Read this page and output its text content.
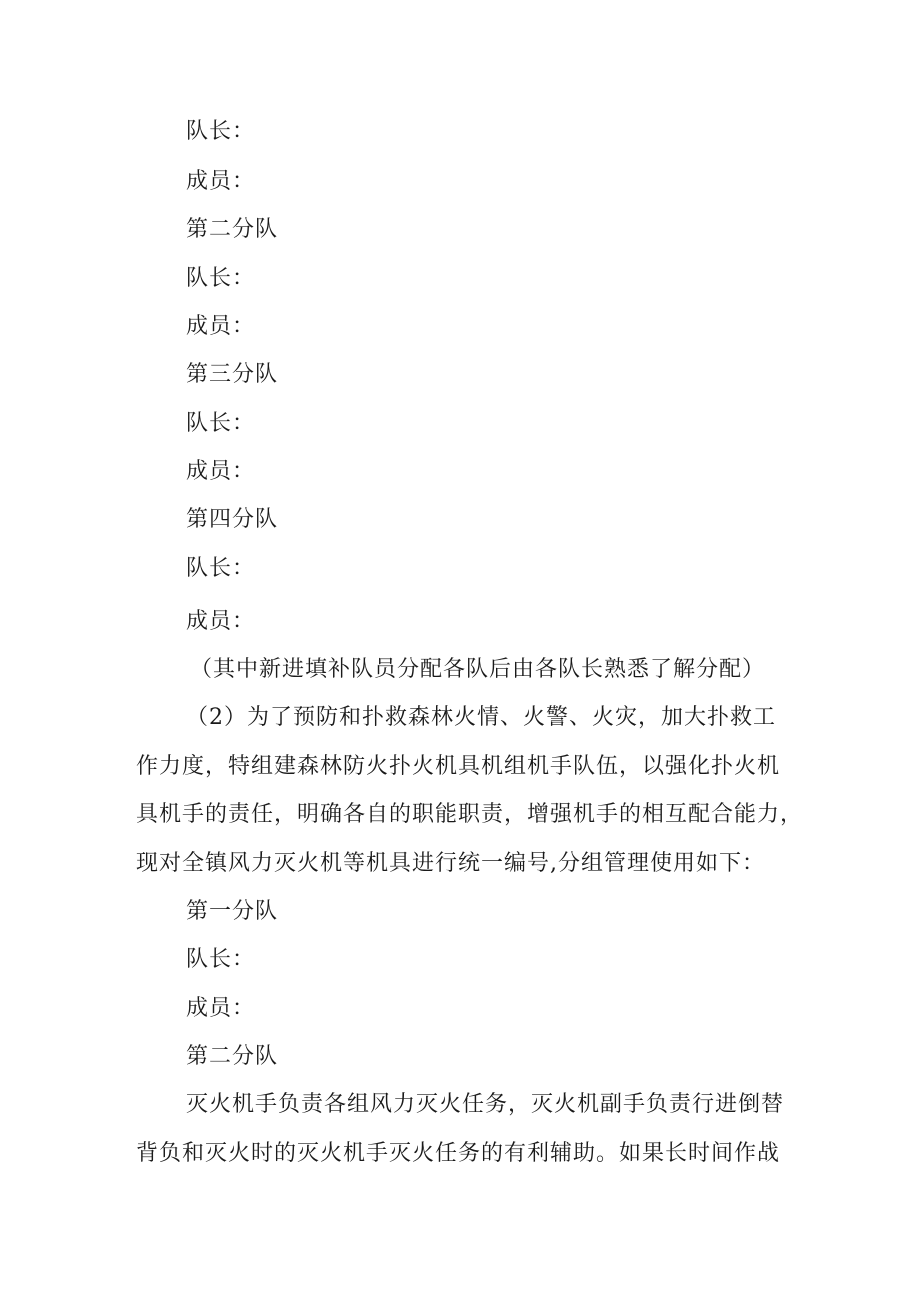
队长：
成员：
第二分队
队长：
成员：
第三分队
队长：
成员：
第四分队
队长：
成员：
（其中新进填补队员分配各队后由各队长熟悉了解分配）
（2）为了预防和扑救森林火情、火警、火灾，加大扑救工
作力度，特组建森林防火扑火机具机组机手队伍，以强化扑火机
具机手的责任，明确各自的职能职责，增强机手的相互配合能力，
现对全镇风力灭火机等机具进行统一编号,分组管理使用如下：
第一分队
队长：
成员：
第二分队
灭火机手负责各组风力灭火任务，灭火机副手负责行进倒替
背负和灭火时的灭火机手灭火任务的有利辅助。如果长时间作战
